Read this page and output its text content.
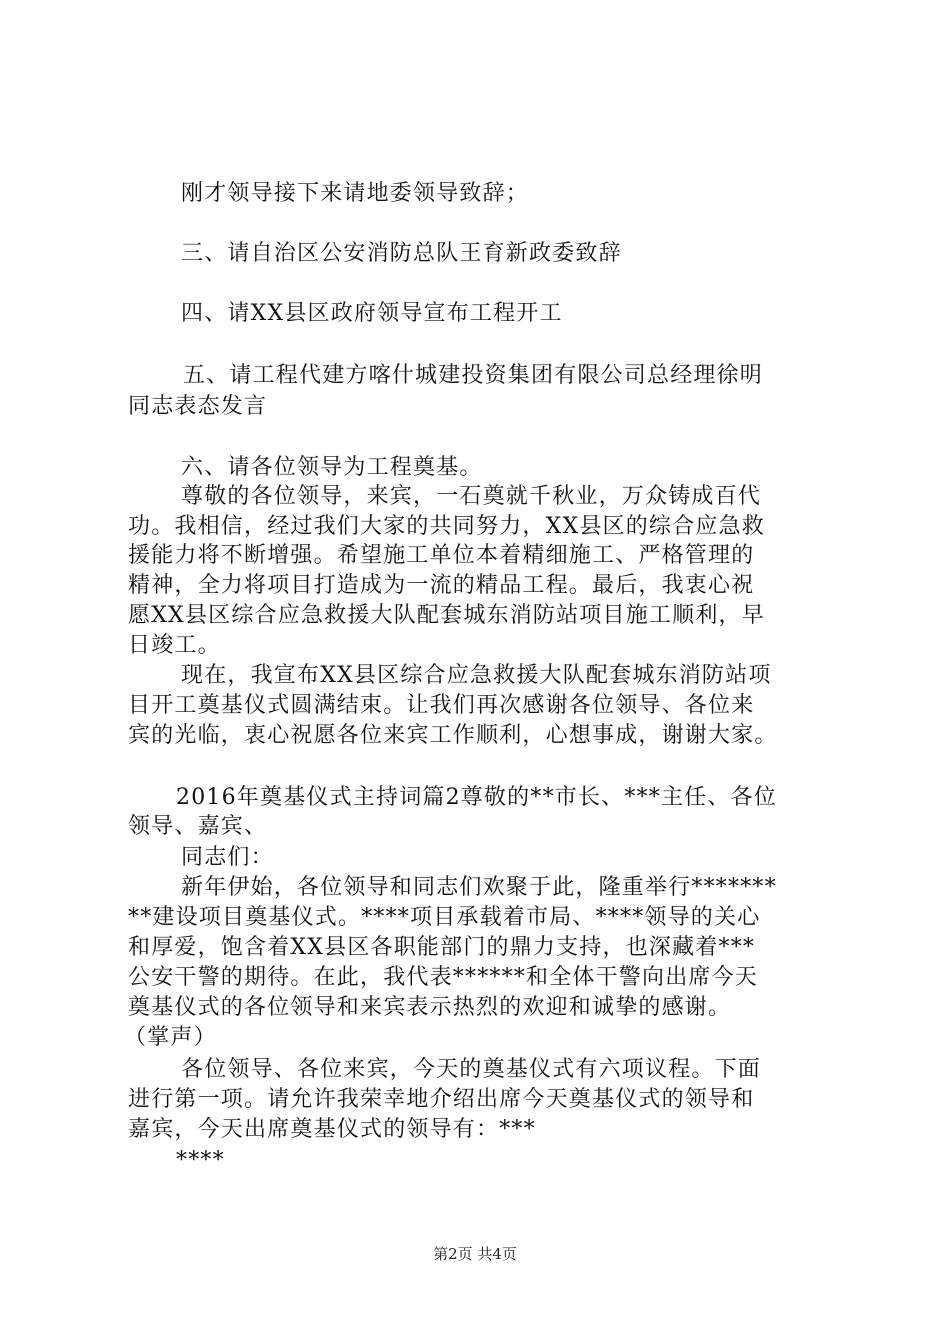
刚才领导接下来请地委领导致辞；
三、请自治区公安消防总队王育新政委致辞
四、请XX县区政府领导宣布工程开工
五、请工程代建方喀什城建投资集团有限公司总经理徐明
同志表态发言
六、请各位领导为工程奠基。
尊敬的各位领导，来宾，一石奠就千秋业，万众铸成百代
功。我相信，经过我们大家的共同努力，XX县区的综合应急救
援能力将不断增强。希望施工单位本着精细施工、严格管理的
精神，全力将项目打造成为一流的精品工程。最后，我衷心祝
愿XX县区综合应急救援大队配套城东消防站项目施工顺利，早
日竣工。
现在，我宣布XX县区综合应急救援大队配套城东消防站项
目开工奠基仪式圆满结束。让我们再次感谢各位领导、各位来
宾的光临，衷心祝愿各位来宾工作顺利，心想事成，谢谢大家。
2016年奠基仪式主持词篇2尊敬的**市长、***主任、各位
领导、嘉宾、
同志们：
新年伊始，各位领导和同志们欢聚于此，隆重举行*******
**建设项目奠基仪式。****项目承载着市局、****领导的关心
和厚爱，饱含着XX县区各职能部门的鼎力支持，也深藏着***
公安干警的期待。在此，我代表******和全体干警向出席今天
奠基仪式的各位领导和来宾表示热烈的欢迎和诚挚的感谢。
（掌声）
各位领导、各位来宾，今天的奠基仪式有六项议程。下面
进行第一项。请允许我荣幸地介绍出席今天奠基仪式的领导和
嘉宾，今天出席奠基仪式的领导有：***
****
第2页 共4页
